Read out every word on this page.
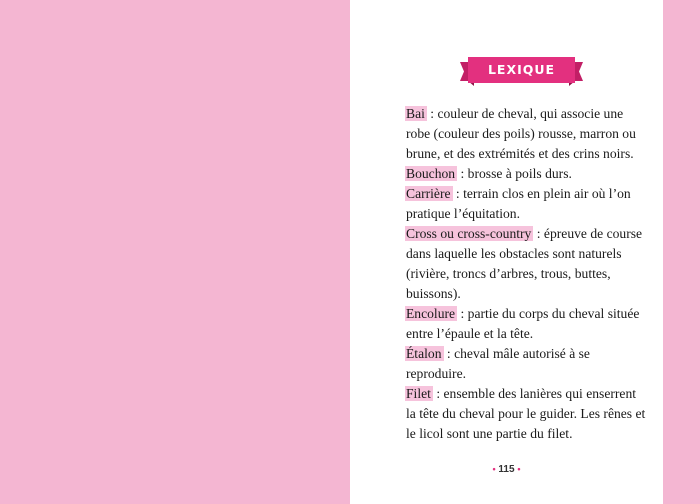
LEXIQUE

Bai : couleur de cheval, qui associe une robe (couleur des poils) rousse, marron ou brune, et des extrémités et des crins noirs.

Bouchon : brosse à poils durs.

Carrière : terrain clos en plein air où l’on pratique l’équitation.

Cross ou cross-country : épreuve de course dans laquelle les obstacles sont naturels (rivière, troncs d’arbres, trous, buttes, buissons).

Encolure : partie du corps du cheval située entre l’épaule et la tête.

Étalon : cheval mâle autorisé à se reproduire.

Filet : ensemble des lanières qui enserrent la tête du cheval pour le guider. Les rênes et le licol sont une partie du filet.

• 115 •
